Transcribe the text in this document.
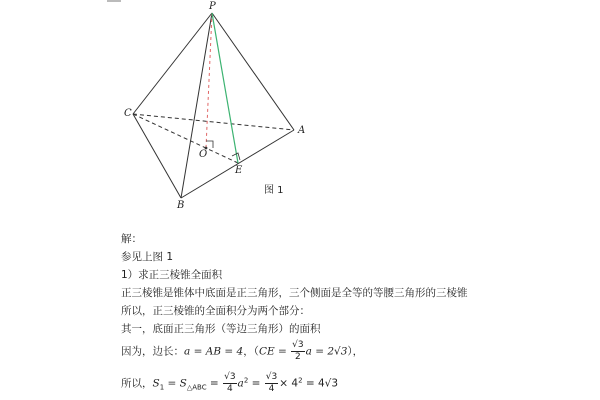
P
C
A
O
E
B
图 1
解：
参见上图 1
1）求正三棱锥全面积
正三棱锥是锥体中底面是正三角形，三个侧面是全等的等腰三角形的三棱锥
所以，正三棱锥的全面积分为两个部分：
其一，底面正三角形（等边三角形）的面积
因为，边长：a = AB = 4，（$CE = \frac{√3}{2}$ a = 2√3），
所以，$S_1 = S_{\triangle ABC} = \frac{√3}{4} a^2 = \frac{√3}{4} \times 4^2 = 4√3$
